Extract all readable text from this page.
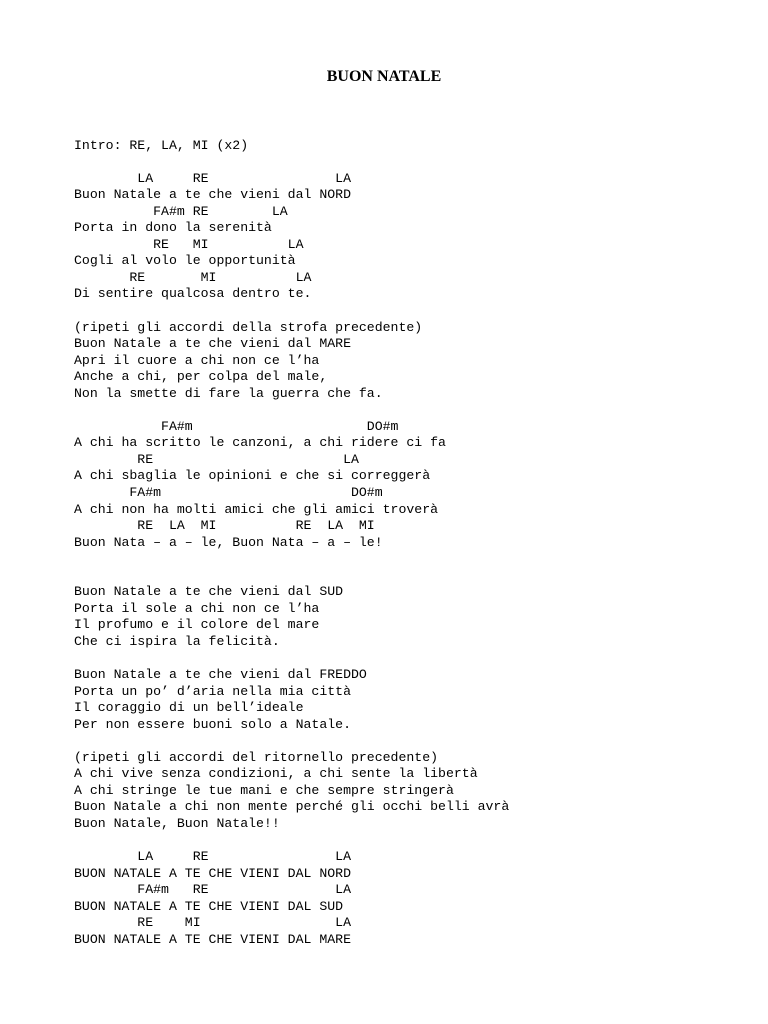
BUON NATALE
Intro: RE, LA, MI (x2)
LA     RE                LA
Buon Natale a te che vieni dal NORD
FA#m RE        LA
Porta in dono la serenità
RE   MI          LA
Cogli al volo le opportunità
RE       MI          LA
Di sentire qualcosa dentro te.
(ripeti gli accordi della strofa precedente)
Buon Natale a te che vieni dal MARE
Apri il cuore a chi non ce l’ha
Anche a chi, per colpa del male,
Non la smette di fare la guerra che fa.
FA#m                      DO#m
A chi ha scritto le canzoni, a chi ridere ci fa
RE                        LA
A chi sbaglia le opinioni e che si correggerà
FA#m                        DO#m
A chi non ha molti amici che gli amici troverà
RE  LA  MI          RE  LA  MI
Buon Nata – a – le, Buon Nata – a – le!
Buon Natale a te che vieni dal SUD
Porta il sole a chi non ce l’ha
Il profumo e il colore del mare
Che ci ispira la felicità.
Buon Natale a te che vieni dal FREDDO
Porta un po’ d’aria nella mia città
Il coraggio di un bell’ideale
Per non essere buoni solo a Natale.
(ripeti gli accordi del ritornello precedente)
A chi vive senza condizioni, a chi sente la libertà
A chi stringe le tue mani e che sempre stringerà
Buon Natale a chi non mente perché gli occhi belli avrà
Buon Natale, Buon Natale!!
LA     RE                LA
BUON NATALE A TE CHE VIENI DAL NORD
FA#m   RE                LA
BUON NATALE A TE CHE VIENI DAL SUD
RE    MI                 LA
BUON NATALE A TE CHE VIENI DAL MARE
